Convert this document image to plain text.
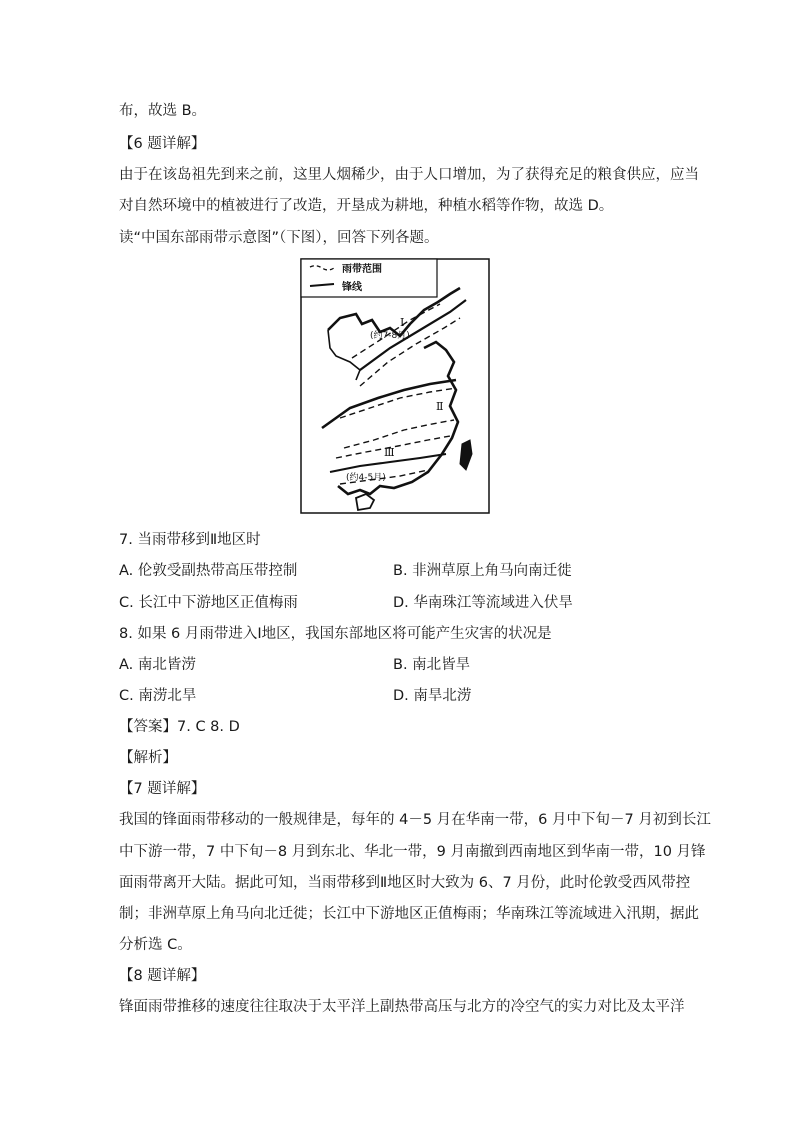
布，故选 B。
【6 题详解】
由于在该岛祖先到来之前，这里人烟稀少，由于人口增加，为了获得充足的粮食供应，应当
对自然环境中的植被进行了改造，开垦成为耕地，种植水稻等作物，故选 D。
读“中国东部雨带示意图”（下图），回答下列各题。
雨带范围
锋线
Ⅰ
(约7-8月)
Ⅱ
Ⅲ
(约4-5月)
7. 当雨带移到Ⅱ地区时
A. 伦敦受副热带高压带控制	B. 非洲草原上角马向南迁徙
C. 长江中下游地区正值梅雨	D. 华南珠江等流域进入伏旱
8. 如果 6 月雨带进入Ⅰ地区，我国东部地区将可能产生灾害的状况是
A. 南北皆涝	B. 南北皆旱
C. 南涝北旱	D. 南旱北涝
【答案】7. C 8. D
【解析】
【7 题详解】
我国的锋面雨带移动的一般规律是，每年的 4－5 月在华南一带，6 月中下旬－7 月初到长江
中下游一带，7 中下旬－8 月到东北、华北一带，9 月南撤到西南地区到华南一带，10 月锋
面雨带离开大陆。据此可知，当雨带移到Ⅱ地区时大致为 6、7 月份，此时伦敦受西风带控
制；非洲草原上角马向北迁徙；长江中下游地区正值梅雨；华南珠江等流域进入汛期，据此
分析选 C。
【8 题详解】
锋面雨带推移的速度往往取决于太平洋上副热带高压与北方的冷空气的实力对比及太平洋
